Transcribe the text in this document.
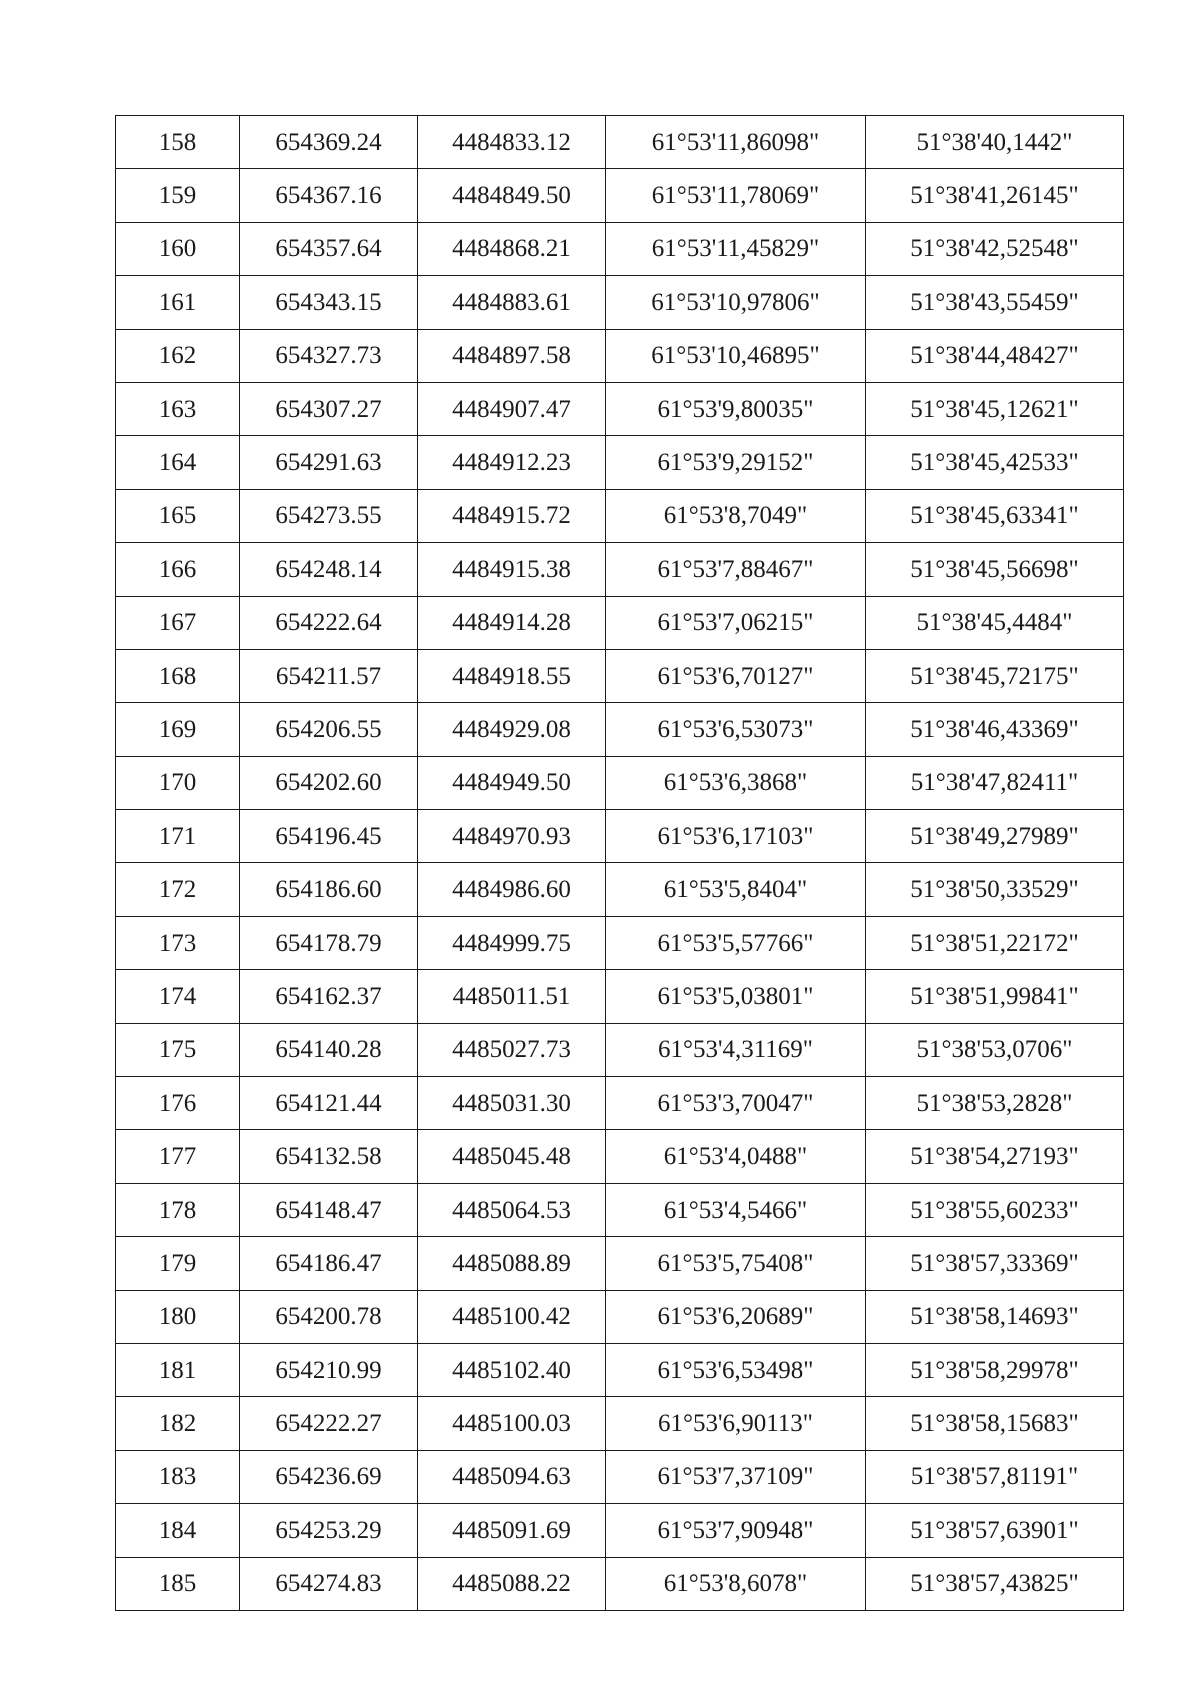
158	654369.24	4484833.12	61°53'11,86098"	51°38'40,1442"
159	654367.16	4484849.50	61°53'11,78069"	51°38'41,26145"
160	654357.64	4484868.21	61°53'11,45829"	51°38'42,52548"
161	654343.15	4484883.61	61°53'10,97806"	51°38'43,55459"
162	654327.73	4484897.58	61°53'10,46895"	51°38'44,48427"
163	654307.27	4484907.47	61°53'9,80035"	51°38'45,12621"
164	654291.63	4484912.23	61°53'9,29152"	51°38'45,42533"
165	654273.55	4484915.72	61°53'8,7049"	51°38'45,63341"
166	654248.14	4484915.38	61°53'7,88467"	51°38'45,56698"
167	654222.64	4484914.28	61°53'7,06215"	51°38'45,4484"
168	654211.57	4484918.55	61°53'6,70127"	51°38'45,72175"
169	654206.55	4484929.08	61°53'6,53073"	51°38'46,43369"
170	654202.60	4484949.50	61°53'6,3868"	51°38'47,82411"
171	654196.45	4484970.93	61°53'6,17103"	51°38'49,27989"
172	654186.60	4484986.60	61°53'5,8404"	51°38'50,33529"
173	654178.79	4484999.75	61°53'5,57766"	51°38'51,22172"
174	654162.37	4485011.51	61°53'5,03801"	51°38'51,99841"
175	654140.28	4485027.73	61°53'4,31169"	51°38'53,0706"
176	654121.44	4485031.30	61°53'3,70047"	51°38'53,2828"
177	654132.58	4485045.48	61°53'4,0488"	51°38'54,27193"
178	654148.47	4485064.53	61°53'4,5466"	51°38'55,60233"
179	654186.47	4485088.89	61°53'5,75408"	51°38'57,33369"
180	654200.78	4485100.42	61°53'6,20689"	51°38'58,14693"
181	654210.99	4485102.40	61°53'6,53498"	51°38'58,29978"
182	654222.27	4485100.03	61°53'6,90113"	51°38'58,15683"
183	654236.69	4485094.63	61°53'7,37109"	51°38'57,81191"
184	654253.29	4485091.69	61°53'7,90948"	51°38'57,63901"
185	654274.83	4485088.22	61°53'8,6078"	51°38'57,43825"
